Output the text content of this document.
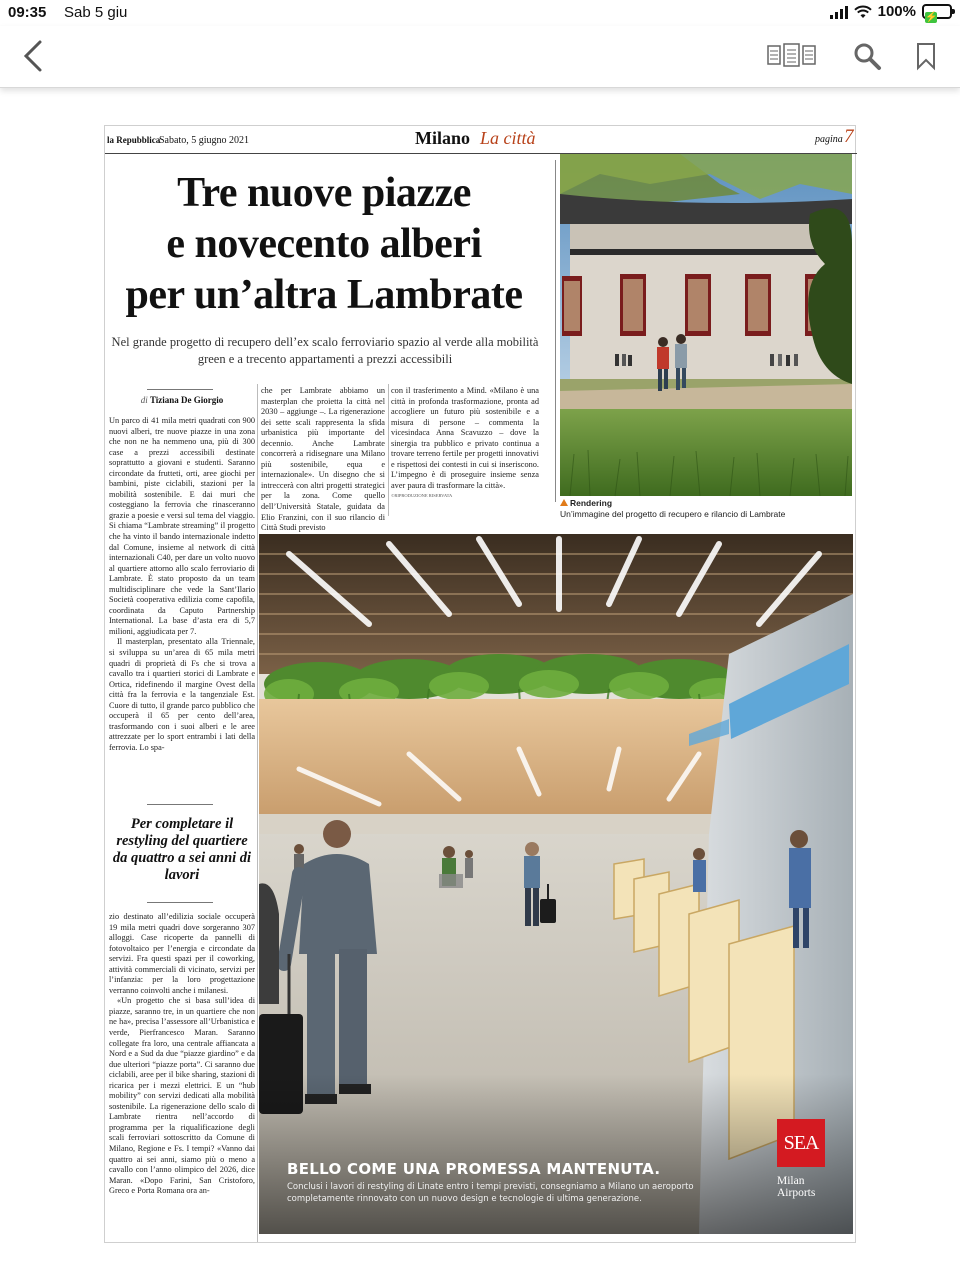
09:35 Sab 5 giu	100% ⚡
la Repubblica
Sabato, 5 giugno 2021	Milano La città	pagina 7
Tre nuove piazze
e novecento alberi
per un’altra Lambrate

Nel grande progetto di recupero dell’ex scalo ferroviario spazio al verde alla mobilità green e a trecento appartamenti a prezzi accessibili

di Tiziana De Giorgio

Un parco di 41 mila metri quadrati con 900 nuovi alberi, tre nuove piazze in una zona che non ne ha nemmeno una, più di 300 case a prezzi accessibili destinate soprattutto a giovani e studenti. Saranno circondate da frutteti, orti, aree giochi per bambini, piste ciclabili, stazioni per la mobilità sostenibile. E dai muri che costeggiano la ferrovia che rinasceranno grazie a poesie e versi sul tema del viaggio. Si chiama “Lambrate streaming” il progetto che ha vinto il bando internazionale indetto dal Comune, insieme al network di città internazionali C40, per dare un volto nuovo al quartiere attorno allo scalo ferroviario di Lambrate. È stato proposto da un team multidisciplinare che vede la Sant’Ilario Società cooperativa edilizia come capofila, coordinata da Caputo Partnership International. La base d’asta era di 5,7 milioni, aggiudicata per 7.

Il masterplan, presentato alla Triennale, si sviluppa su un’area di 65 mila metri quadri di proprietà di Fs che si trova a cavallo tra i quartieri storici di Lambrate e Ortica, ridefinendo il margine Ovest della città fra la ferrovia e la tangenziale Est. Cuore di tutto, il grande parco pubblico che occuperà il 65 per cento dell’area, trasformando con i suoi alberi e le aree attrezzate per lo sport entrambi i lati della ferrovia. Lo spa-

Per completare il restyling del quartiere da quattro a sei anni di lavori

zio destinato all’edilizia sociale occuperà 19 mila metri quadri dove sorgeranno 307 alloggi. Case ricoperte da pannelli di fotovoltaico per l’energia e circondate da servizi. Fra questi spazi per il coworking, attività commerciali di vicinato, servizi per l’infanzia: per la loro progettazione verranno coinvolti anche i milanesi.

«Un progetto che si basa sull’idea di piazze, saranno tre, in un quartiere che non ne ha», precisa l’assessore all’Urbanistica e verde, Pierfrancesco Maran. Saranno collegate fra loro, una centrale affiancata a Nord e a Sud da due “piazze giardino” e da due ulteriori “piazze porta”. Ci saranno due ciclabili, aree per il bike sharing, stazioni di ricarica per i mezzi elettrici. E un “hub mobility” con servizi dedicati alla mobilità sostenibile. La rigenerazione dello scalo di Lambrate rientra nell’accordo di programma per la riqualificazione degli scali ferroviari sottoscritto da Comune di Milano, Regione e Fs. I tempi? «Vanno dai quattro ai sei anni, siamo più o meno a cavallo con l’anno olimpico del 2026, dice Maran. «Dopo Farini, San Cristoforo, Greco e Porta Romana ora an-

che per Lambrate abbiamo un masterplan che proietta la città nel 2030 – aggiunge –. La rigenerazione dei sette scali rappresenta la sfida urbanistica più importante del decennio. Anche Lambrate concorrerà a ridisegnare una Milano più sostenibile, equa e internazionale». Un disegno che si intreccerà con altri progetti strategici per la zona. Come quello dell’Università Statale, guidata da Elio Franzini, con il suo rilancio di Città Studi previsto

con il trasferimento a Mind. «Milano è una città in profonda trasformazione, pronta ad accogliere un futuro più sostenibile e a misura di persone – commenta la vicesindaca Anna Scavuzzo – dove la sinergia tra pubblico e privato continua a trovare terreno fertile per progetti innovativi e rispettosi dei contesti in cui si inseriscono. L’impegno è di proseguire insieme senza aver paura di trasformare la città».

©RIPRODUZIONE RISERVATA

Rendering
Un’immagine del progetto di recupero e rilancio di Lambrate
BELLO COME UNA PROMESSA MANTENUTA.
Conclusi i lavori di restyling di Linate entro i tempi previsti, consegniamo a Milano un aeroporto completamente rinnovato con un nuovo design e tecnologie di ultima generazione.
SEA
Milan
Airports
